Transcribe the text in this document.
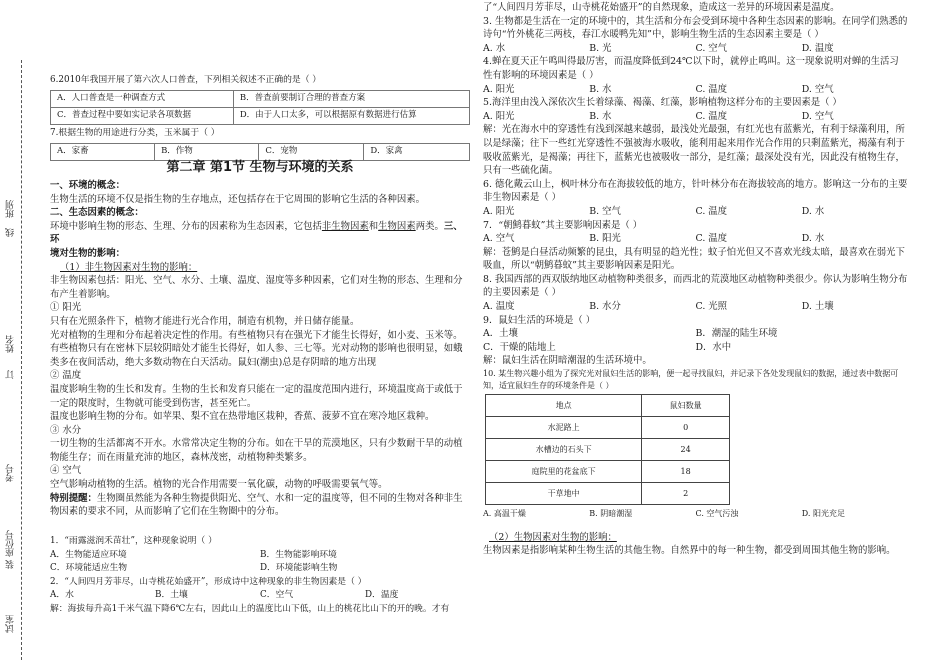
班别
线
姓名
订
考号
座位号
装
试室

6.2010年我国开展了第六次人口普查，下列相关叙述不正确的是（ ）

A．人口普查是一种调查方式	B．普查前要制订合理的普查方案
C．普查过程中要如实记录各项数据	D．由于人口太多，可以根据原有数据进行估算

7.根据生物的用途进行分类，玉米属于（ ）

A．家畜	B．作物	C．宠物	D．家禽
第二章 第1节 生物与环境的关系

一、环境的概念：

生物生活的环境不仅是指生物的生存地点，还包括存在于它周围的影响它生活的各种因素。

二、生态因素的概念：

环境中影响生物的形态、生理、分布的因素称为生态因素，它包括非生物因素和生物因素两类。三、环

境对生物的影响：

（1）非生物因素对生物的影响：

非生物因素包括：阳光、空气、水分、土壤、温度、湿度等多种因素，它们对生物的形态、生理和分布产生着影响。

① 阳光

只有在光照条件下，植物才能进行光合作用，制造有机物，并日储存能量。

光对植物的生理和分布起着决定性的作用。有些植物只有在强光下才能生长得好，如小麦、玉米等。有些植物只有在密林下层较阴暗处才能生长得好，如人参、三七等。光对动物的影响也很明显，如蛾类多在夜间活动，绝大多数动物在白天活动。鼠妇(潮虫)总是存阴暗的地方出现

② 温度

温度影响生物的生长和发育。生物的生长和发育只能在一定的温度范围内进行，环境温度高于或低于一定的限度时，生物就可能受到伤害，甚至死亡。

温度也影响生物的分布。如苹果、梨不宜在热带地区栽种，香蕉、菠萝不宜在寒冷地区栽种。

③ 水分

一切生物的生活都离不开水。水常常决定生物的分布。如在干旱的荒漠地区，只有少数耐干旱的动植物能生存；而在雨量充沛的地区，森林茂密，动植物种类繁多。

④ 空气

空气影响动植物的生活。植物的光合作用需要一氧化碳，动物的呼吸需要氧气等。

特别提醒：生物圈虽然能为各种生物提供阳光、空气、水和一定的温度等，但不同的生物对各种非生物因素的要求不同，从而影响了它们在生物圈中的分布。

1．“雨露滋润禾苗壮”，这种现象说明（ ）

A．生物能适应环境	B．生物能影响环境
C．环境能适应生物	D．环境能影响生物

2．“人间四月芳菲尽，山寺桃花始盛开”，形成诗中这种现象的非生物因素是（ ）

A．水	B．土壤	C．空气	D．温度

解：海拔每升高1千米气温下降6℃左右，因此山上的温度比山下低，山上的桃花比山下的开的晚。才有

了“人间四月芳菲尽，山寺桃花始盛开”的自然现象，造成这一差异的环境因素是温度。

3. 生物都是生活在一定的环境中的，其生活和分布会受到环境中各种生态因素的影响。在同学们熟悉的诗句“竹外桃花三两枝，春江水暖鸭先知”中，影响生物生活的生态因素主要是（ ）

A. 水	B. 光	C. 空气	D. 温度

4.蝉在夏天正午鸣叫得最厉害，而温度降低到24℃以下时，就停止鸣叫。这一现象说明对蝉的生活习性有影响的环境因素是（ ）

A. 阳光	B. 水	C. 温度	D. 空气

5.海洋里由浅入深依次生长着绿藻、褐藻、红藻，影响植物这样分布的主要因素是（ ）

A. 阳光	B. 水	C. 温度	D. 空气

解：光在海水中的穿透性有浅到深越来越弱，最浅处光最强，有红光也有蓝紫光，有利于绿藻利用，所以是绿藻；往下一些红光穿透性不强被海水吸收，能利用起来用作光合作用的只剩蓝紫光，褐藻有利于吸收蓝紫光，是褐藻；再往下，蓝紫光也被吸收一部分，是红藻；最深处没有光，因此没有植物生存，只有一些硫化菌。

6. 德化戴云山上，枫叶林分布在海拔较低的地方，针叶林分布在海拔较高的地方。影响这一分布的主要非生物因素是（ ）

A. 阳光	B. 空气	C. 温度	D. 水

7．“朝鹪暮蚊”其主要影响因素是（ ）

A. 空气	B. 阳光	C. 温度	D. 水

解：苍鹪是白昼活动频繁的昆虫，具有明显的趋光性；蚊子怕光但又不喜欢光线太暗，最喜欢在弱光下吸血，所以“朝鹪暮蚊”其主要影响因素是阳光。

8. 我国西部的西双版纳地区动植物种类很多，而西北的荒漠地区动植物种类很少。你认为影响生物分布的主要因素是（ ）

A. 温度	B. 水分	C. 光照	D. 土壤

9．鼠妇生活的环境是（ ）

A．土壤	B．潮湿的陆生环境
C．干燥的陆地上	D．水中

解：鼠妇生活在阴暗潮湿的生活环境中。

10. 某生物兴趣小组为了探究光对鼠妇生活的影响，便一起寻找鼠妇，并记录下各处发现鼠妇的数据，通过表中数据可知，适宜鼠妇生存的环境条件是（ ）

地点	鼠妇数量
水泥路上	0
水槽边的石头下	24
庭院里的花盆底下	18
干草地中	2
A. 高温干燥	B. 阴暗潮湿	C. 空气污浊	D. 阳光充足

（2）生物因素对生物的影响：

生物因素是指影响某种生物生活的其他生物。自然界中的每一种生物，都受到周围其他生物的影响。
